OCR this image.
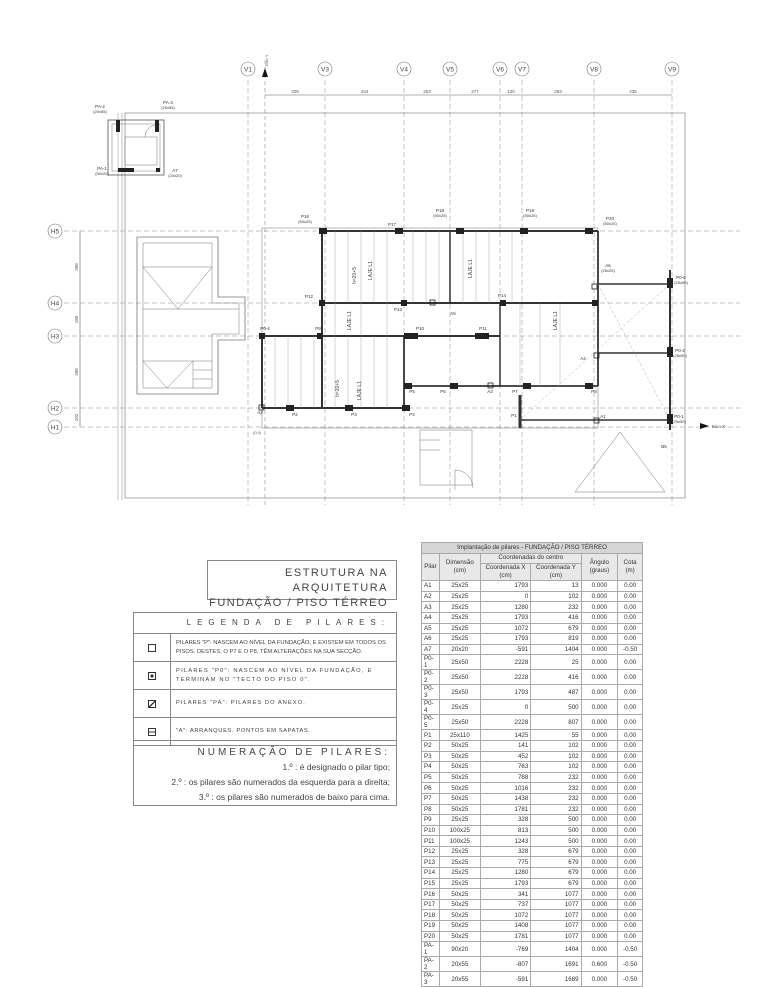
V1	V3	V4	V5	V6 V7	V8	V9
H5
H4
H3
H2
H1
328	434	253	277	120	393	435
398
180
398
102
Eixo Y
LAJE L1
h=20+5	LAJE L1
LAJE L1	LAJE L1
LAJE L1
h=20+5
PA-2
(20x55)
PA-3
(20x55)
PA-1
(50x20)
A7
(20x20)
P16
(50x25)
P17
P18
(50x25)
P19
(50x25)
P20
(50x25)
A6
(25x25)
P0-5
(25x50)
P12
A5
P14
P13
P10	P11
A4
P0-2
(25x50)
P0-4	P9
P5	P6	A3	P7	P8
A2	P2	P3	P4	P1	A1	P0-1
(25x50)
B5
Eixo X
(0,0)
ESTRUTURA NA ARQUITETURA
FUNDAÇÃO / PISO TÉRREO
LEGENDA DE PILARES:
PILARES "P": NASCEM AO NÍVEL DA FUNDAÇÃO, E EXISTEM EM TODOS OS PISOS. DESTES, O P7 E O P8, TÊM ALTERAÇÕES NA SUA SECÇÃO.
PILARES "P0": NASCEM AO NÍVEL DA FUNDAÇÃO, E TERMINAM NO "TECTO DO PISO 0".
PILARES "PA": PILARES DO ANEXO.
"A": ARRANQUES. PONTOS EM SAPATAS.
NUMERAÇÃO DE PILARES:
1.º : é designado o pilar tipo;
2.º : os pilares são numerados da esquerda para a direita;
3.º : os pilares são numerados de baixo para cima.
Implantação de pilares - FUNDAÇÃO / PISO TÉRREO					
Pilar	Dimensão (cm)	Coordenadas do centro		Ângulo (graus)	Cota (m)
		Coordenada X (cm)	Coordenada Y (cm)		
A1	25x25	1793	13	0.000	0.00
A2	25x25	0	102	0.000	0.00
A3	25x25	1280	232	0.000	0.00
A4	25x25	1793	416	0.000	0.00
A5	25x25	1072	679	0.000	0.00
A6	25x25	1793	819	0.000	0.00
A7	20x20	-591	1404	0.000	-0.50
P0-1	25x50	2228	25	0.000	0.00
P0-2	25x50	2228	416	0.000	0.00
P0-3	25x50	1793	487	0.000	0.00
P0-4	25x25	0	500	0.000	0.00
P0-5	25x50	2228	807	0.000	0.00
P1	25x110	1425	55	0.000	0.00
P2	50x25	141	102	0.000	0.00
P3	50x25	452	102	0.000	0.00
P4	50x25	763	102	0.000	0.00
P5	50x25	788	232	0.000	0.00
P6	50x25	1016	232	0.000	0.00
P7	50x25	1438	232	0.000	0.00
P8	50x25	1781	232	0.000	0.00
P9	25x25	328	500	0.000	0.00
P10	100x25	813	500	0.000	0.00
P11	100x25	1243	500	0.000	0.00
P12	25x25	328	679	0.000	0.00
P13	25x25	775	679	0.000	0.00
P14	25x25	1280	679	0.000	0.00
P15	25x25	1793	679	0.000	0.00
P16	50x25	341	1077	0.000	0.00
P17	50x25	737	1077	0.000	0.00
P18	50x25	1072	1077	0.000	0.00
P19	50x25	1408	1077	0.000	0.00
P20	50x25	1781	1077	0.000	0.00
PA-1	90x20	-769	1404	0.000	-0.50
PA-2	20x55	-807	1691	0.600	-0.50
PA-3	20x55	-591	1689	0.000	-0.50
